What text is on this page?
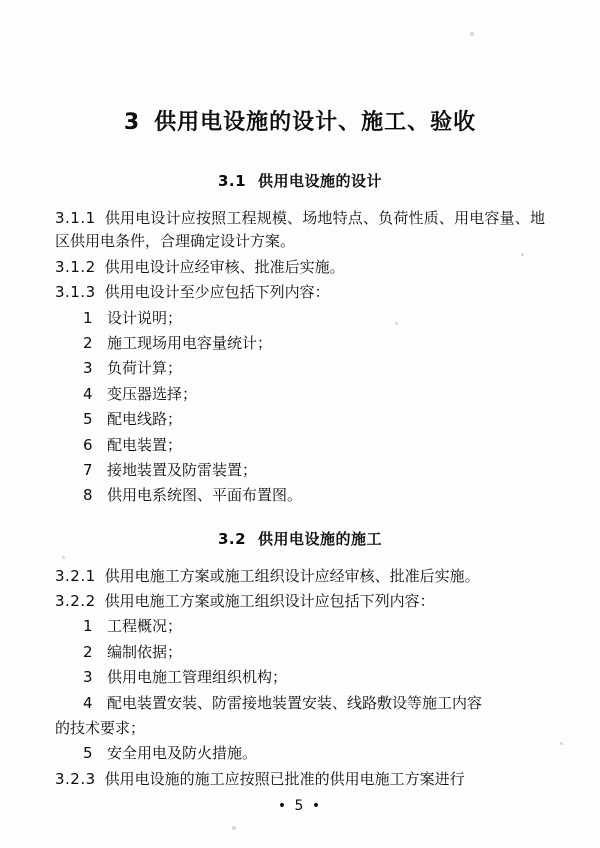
3 供用电设施的设计、施工、验收
3.1 供用电设施的设计

3.1.1 供用电设计应按照工程规模、场地特点、负荷性质、用电容量、地区供用电条件，合理确定设计方案。

3.1.2 供用电设计应经审核、批准后实施。

3.1.3 供用电设计至少应包括下列内容：

1 设计说明；

2 施工现场用电容量统计；

3 负荷计算；

4 变压器选择；

5 配电线路；

6 配电装置；

7 接地装置及防雷装置；

8 供用电系统图、平面布置图。

3.2 供用电设施的施工

3.2.1 供用电施工方案或施工组织设计应经审核、批准后实施。

3.2.2 供用电施工方案或施工组织设计应包括下列内容：

1 工程概况；

2 编制依据；

3 供用电施工管理组织机构；

4 配电装置安装、防雷接地装置安装、线路敷设等施工内容

的技术要求；

5 安全用电及防火措施。

3.2.3 供用电设施的施工应按照已批准的供用电施工方案进行

• 5 •
